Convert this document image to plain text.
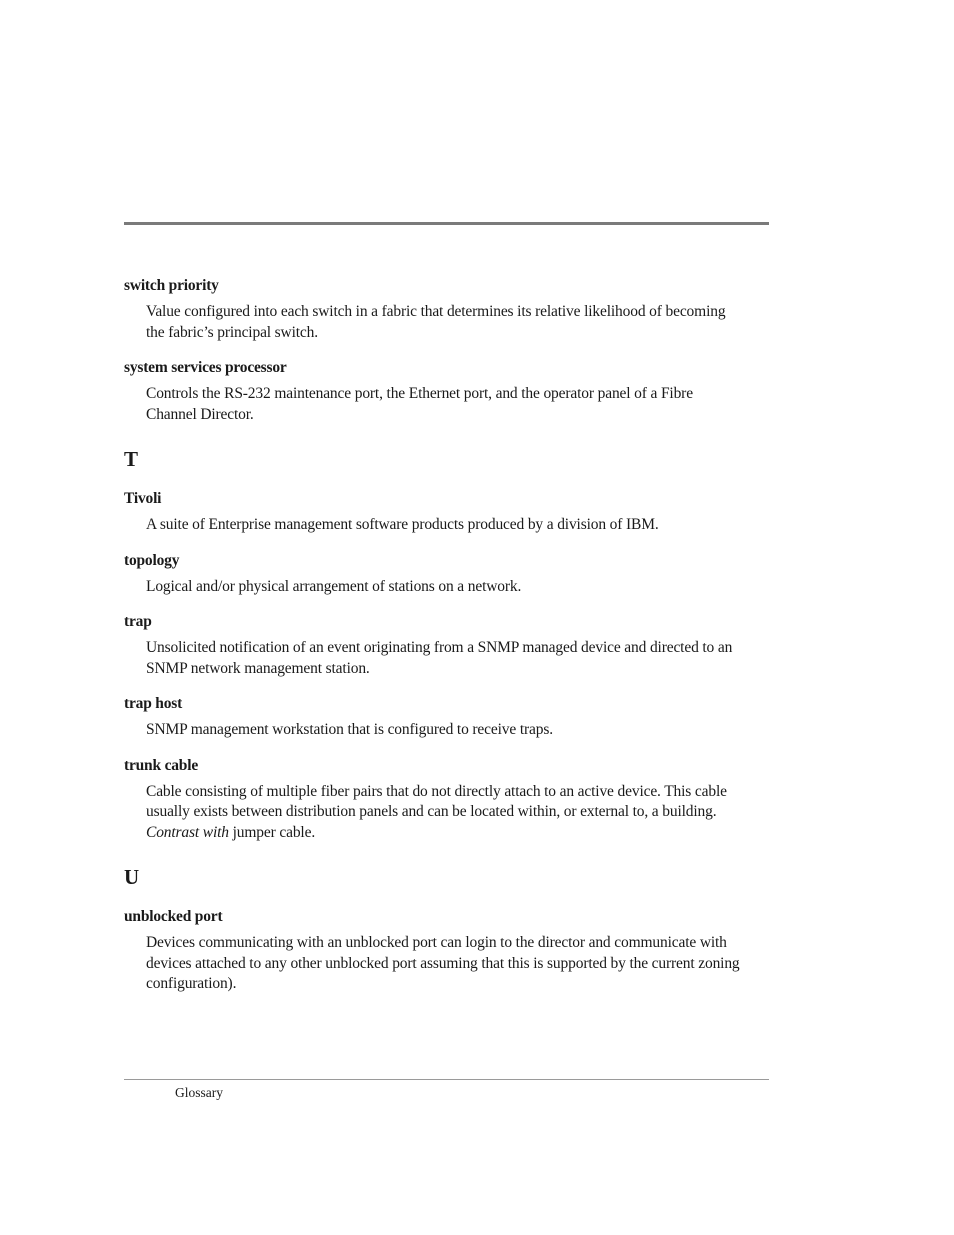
switch priority
Value configured into each switch in a fabric that determines its relative likelihood of becoming the fabric’s principal switch.
system services processor
Controls the RS-232 maintenance port, the Ethernet port, and the operator panel of a Fibre Channel Director.
T
Tivoli
A suite of Enterprise management software products produced by a division of IBM.
topology
Logical and/or physical arrangement of stations on a network.
trap
Unsolicited notification of an event originating from a SNMP managed device and directed to an SNMP network management station.
trap host
SNMP management workstation that is configured to receive traps.
trunk cable
Cable consisting of multiple fiber pairs that do not directly attach to an active device. This cable usually exists between distribution panels and can be located within, or external to, a building. Contrast with jumper cable.
U
unblocked port
Devices communicating with an unblocked port can login to the director and communicate with devices attached to any other unblocked port assuming that this is supported by the current zoning configuration).
Glossary
